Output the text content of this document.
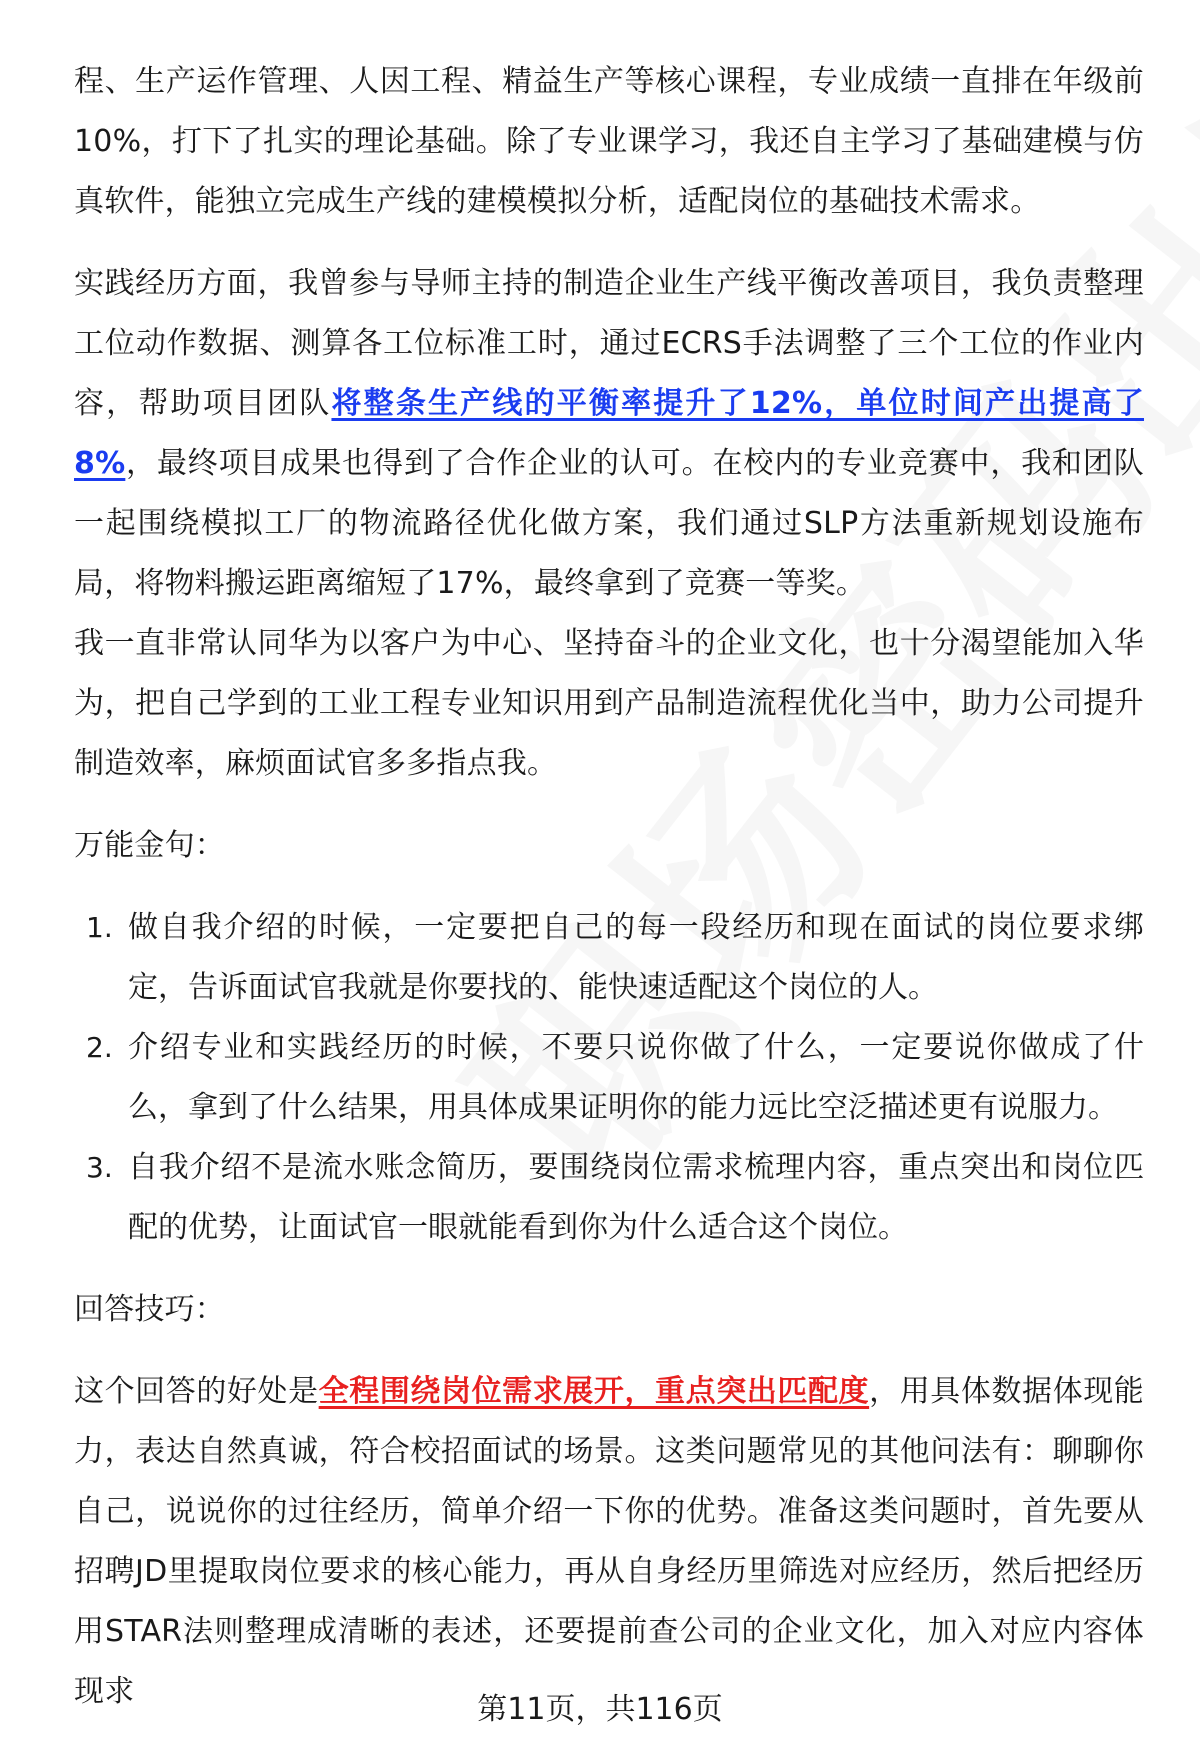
程、生产运作管理、人因工程、精益生产等核心课程，专业成绩一直排在年级前10%，打下了扎实的理论基础。除了专业课学习，我还自主学习了基础建模与仿真软件，能独立完成生产线的建模模拟分析，适配岗位的基础技术需求。

实践经历方面，我曾参与导师主持的制造企业生产线平衡改善项目，我负责整理工位动作数据、测算各工位标准工时，通过ECRS手法调整了三个工位的作业内容，帮助项目团队将整条生产线的平衡率提升了12%，单位时间产出提高了8%，最终项目成果也得到了合作企业的认可。在校内的专业竞赛中，我和团队一起围绕模拟工厂的物流路径优化做方案，我们通过SLP方法重新规划设施布局，将物料搬运距离缩短了17%，最终拿到了竞赛一等奖。

我一直非常认同华为以客户为中心、坚持奋斗的企业文化，也十分渴望能加入华为，把自己学到的工业工程专业知识用到产品制造流程优化当中，助力公司提升制造效率，麻烦面试官多多指点我。

万能金句：

1. 做自我介绍的时候，一定要把自己的每一段经历和现在面试的岗位要求绑定，告诉面试官我就是你要找的、能快速适配这个岗位的人。
2. 介绍专业和实践经历的时候，不要只说你做了什么，一定要说你做成了什么，拿到了什么结果，用具体成果证明你的能力远比空泛描述更有说服力。
3. 自我介绍不是流水账念简历，要围绕岗位需求梳理内容，重点突出和岗位匹配的优势，让面试官一眼就能看到你为什么适合这个岗位。

回答技巧：

这个回答的好处是全程围绕岗位需求展开，重点突出匹配度，用具体数据体现能力，表达自然真诚，符合校招面试的场景。这类问题常见的其他问法有：聊聊你自己，说说你的过往经历，简单介绍一下你的优势。准备这类问题时，首先要从招聘JD里提取岗位要求的核心能力，再从自身经历里筛选对应经历，然后把经历用STAR法则整理成清晰的表述，还要提前查公司的企业文化，加入对应内容体现求

第11页，共116页
